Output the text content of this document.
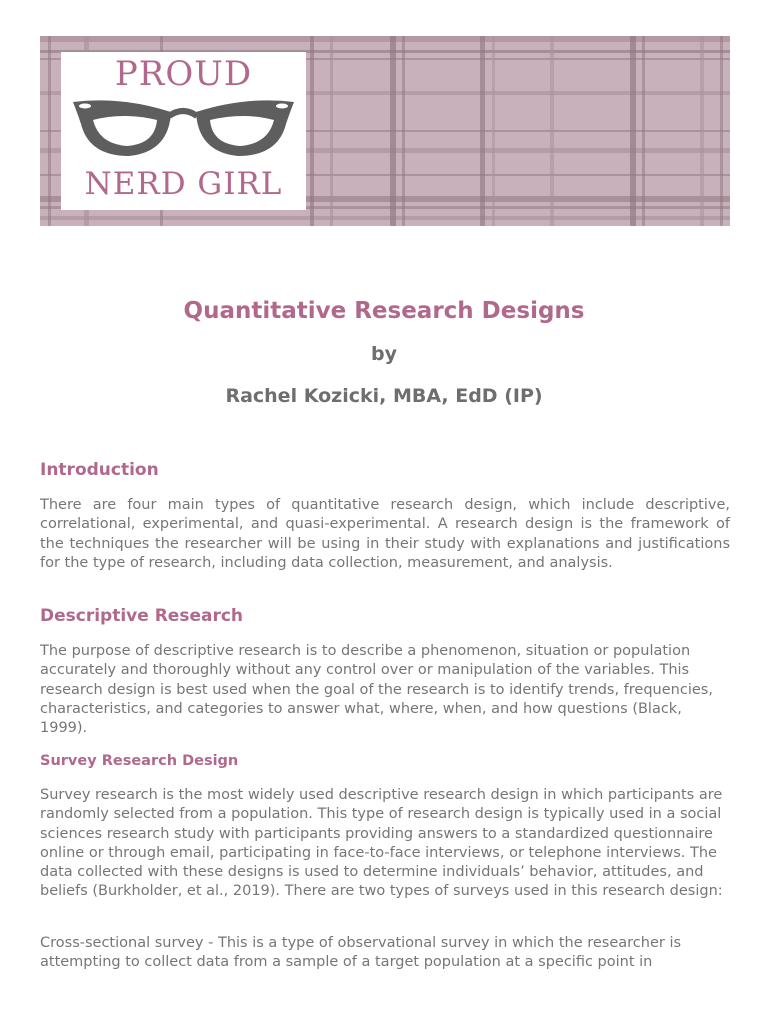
PROUD
NERD GIRL
Quantitative Research Designs
by
Rachel Kozicki, MBA, EdD (IP)
Introduction

There are four main types of quantitative research design, which include descriptive, correlational, experimental, and quasi-experimental. A research design is the framework of the techniques the researcher will be using in their study with explanations and justifications for the type of research, including data collection, measurement, and analysis.

Descriptive Research

The purpose of descriptive research is to describe a phenomenon, situation or population accurately and thoroughly without any control over or manipulation of the variables. This research design is best used when the goal of the research is to identify trends, frequencies, characteristics, and categories to answer what, where, when, and how questions (Black, 1999).

Survey Research Design

Survey research is the most widely used descriptive research design in which participants are randomly selected from a population. This type of research design is typically used in a social sciences research study with participants providing answers to a standardized questionnaire online or through email, participating in face-to-face interviews, or telephone interviews. The data collected with these designs is used to determine individuals’ behavior, attitudes, and beliefs (Burkholder, et al., 2019). There are two types of surveys used in this research design:

Cross-sectional survey - This is a type of observational survey in which the researcher is attempting to collect data from a sample of a target population at a specific point in
